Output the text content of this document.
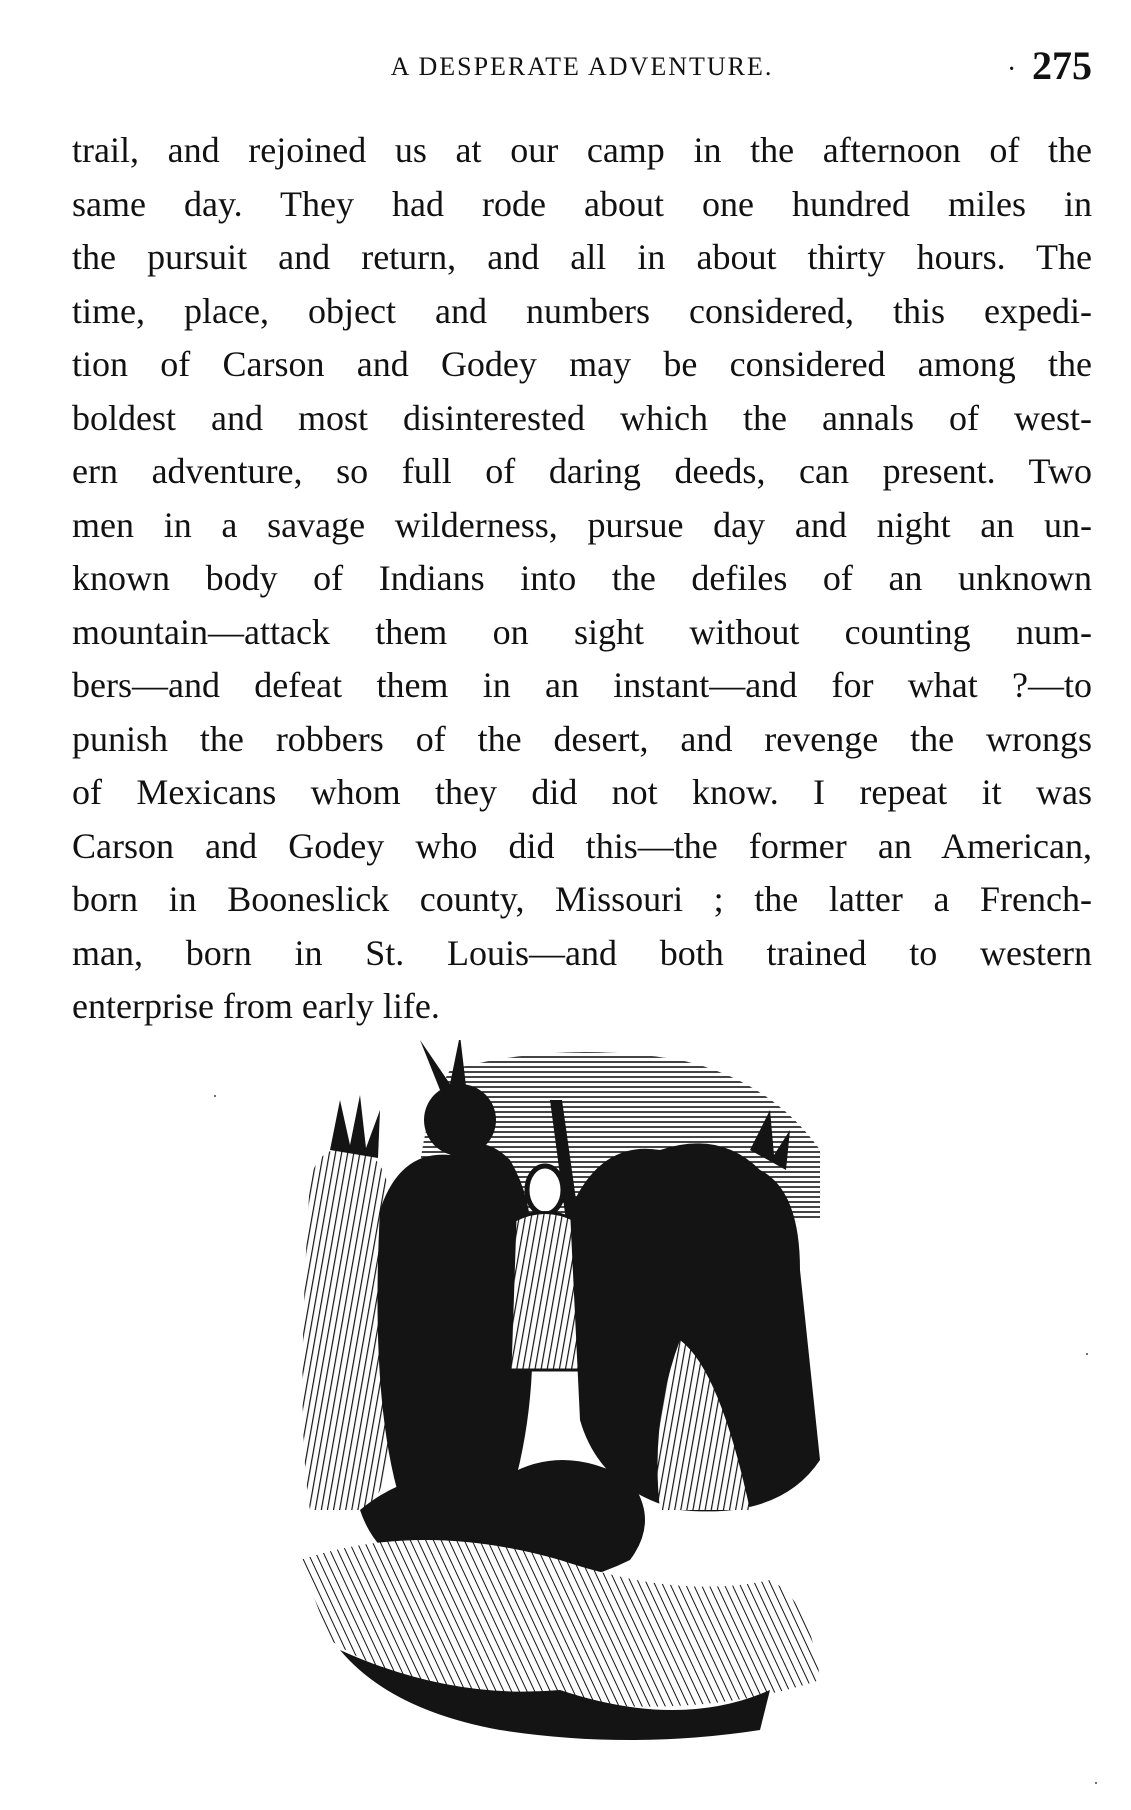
A DESPERATE ADVENTURE.	· 275
trail, and rejoined us at our camp in the afternoon of the
same day. They had rode about one hundred miles in
the pursuit and return, and all in about thirty hours. The
time, place, object and numbers considered, this expedi-
tion of Carson and Godey may be considered among the
boldest and most disinterested which the annals of west-
ern adventure, so full of daring deeds, can present. Two
men in a savage wilderness, pursue day and night an un-
known body of Indians into the defiles of an unknown
mountain—attack them on sight without counting num-
bers—and defeat them in an instant—and for what ?—to
punish the robbers of the desert, and revenge the wrongs
of Mexicans whom they did not know. I repeat it was
Carson and Godey who did this—the former an American,
born in Booneslick county, Missouri ; the latter a French-
man, born in St. Louis—and both trained to western
enterprise from early life.
